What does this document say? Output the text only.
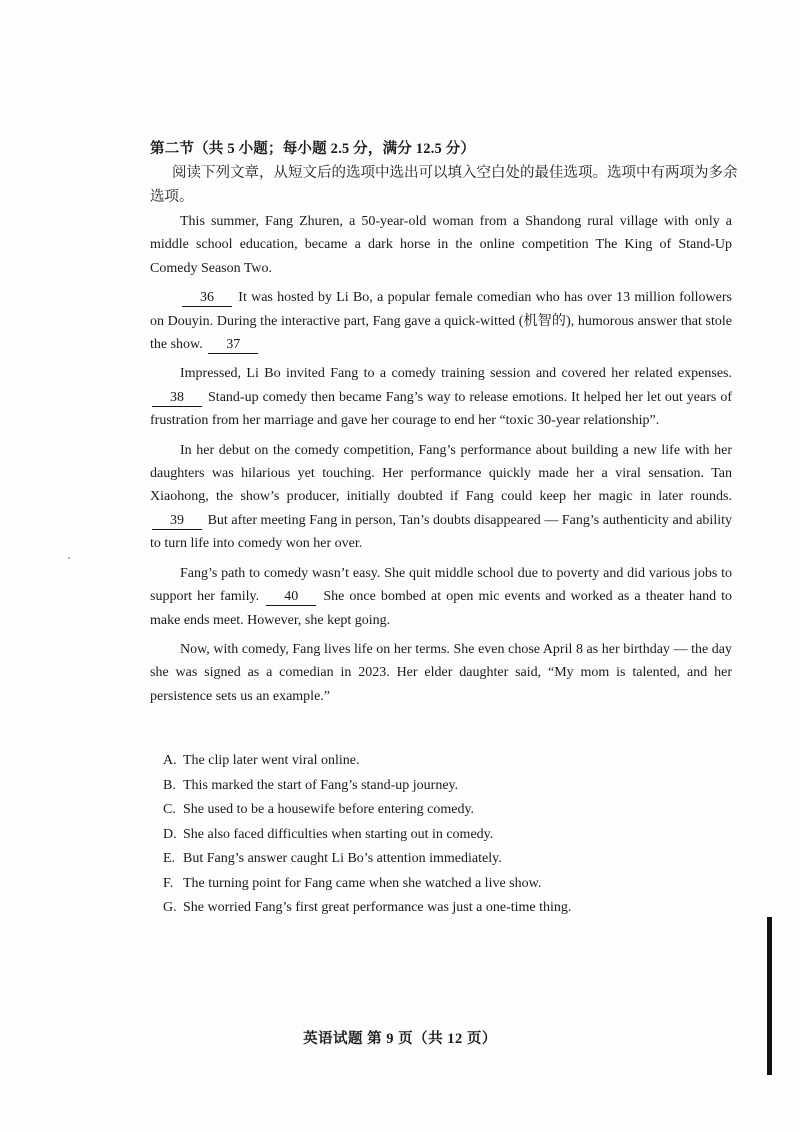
第二节（共 5 小题；每小题 2.5 分，满分 12.5 分）
阅读下列文章，从短文后的选项中选出可以填入空白处的最佳选项。选项中有两项为多余选项。

This summer, Fang Zhuren, a 50-year-old woman from a Shandong rural village with only a middle school education, became a dark horse in the online competition The King of Stand-Up Comedy Season Two.

36 It was hosted by Li Bo, a popular female comedian who has over 13 million followers on Douyin. During the interactive part, Fang gave a quick-witted (机智的), humorous answer that stole the show. 37

Impressed, Li Bo invited Fang to a comedy training session and covered her related expenses. 38 Stand-up comedy then became Fang’s way to release emotions. It helped her let out years of frustration from her marriage and gave her courage to end her “toxic 30-year relationship”.

In her debut on the comedy competition, Fang’s performance about building a new life with her daughters was hilarious yet touching. Her performance quickly made her a viral sensation. Tan Xiaohong, the show’s producer, initially doubted if Fang could keep her magic in later rounds. 39 But after meeting Fang in person, Tan’s doubts disappeared — Fang’s authenticity and ability to turn life into comedy won her over.

Fang’s path to comedy wasn’t easy. She quit middle school due to poverty and did various jobs to support her family. 40 She once bombed at open mic events and worked as a theater hand to make ends meet. However, she kept going.

Now, with comedy, Fang lives life on her terms. She even chose April 8 as her birthday — the day she was signed as a comedian in 2023. Her elder daughter said, “My mom is talented, and her persistence sets us an example.”

A. The clip later went viral online.
B. This marked the start of Fang’s stand-up journey.
C. She used to be a housewife before entering comedy.
D. She also faced difficulties when starting out in comedy.
E. But Fang’s answer caught Li Bo’s attention immediately.
F. The turning point for Fang came when she watched a live show.
G. She worried Fang’s first great performance was just a one-time thing.
英语试题 第 9 页（共 12 页）
